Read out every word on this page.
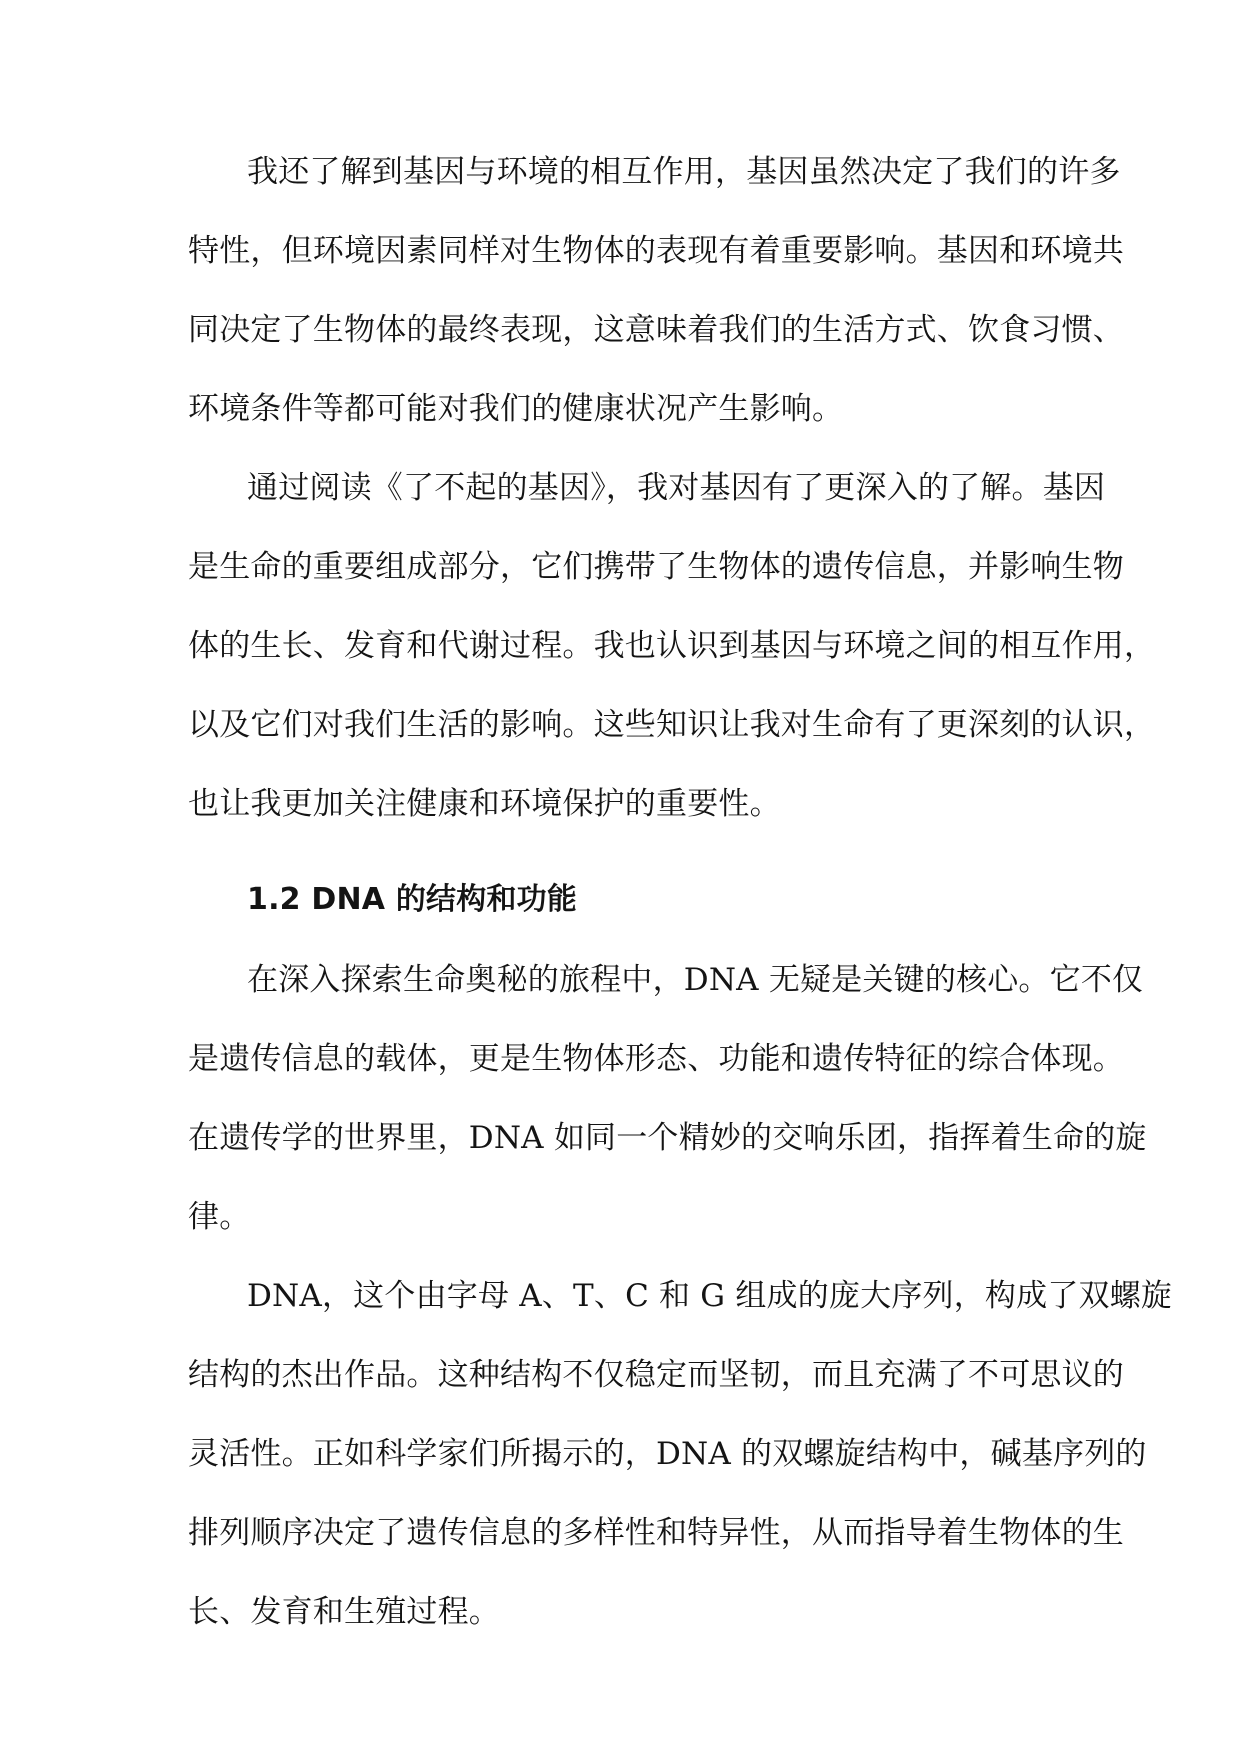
我还了解到基因与环境的相互作用，基因虽然决定了我们的许多

特性，但环境因素同样对生物体的表现有着重要影响。基因和环境共

同决定了生物体的最终表现，这意味着我们的生活方式、饮食习惯、

环境条件等都可能对我们的健康状况产生影响。

通过阅读《了不起的基因》，我对基因有了更深入的了解。基因

是生命的重要组成部分，它们携带了生物体的遗传信息，并影响生物

体的生长、发育和代谢过程。我也认识到基因与环境之间的相互作用，

以及它们对我们生活的影响。这些知识让我对生命有了更深刻的认识，

也让我更加关注健康和环境保护的重要性。

1.2 DNA 的结构和功能

在深入探索生命奥秘的旅程中，DNA 无疑是关键的核心。它不仅

是遗传信息的载体，更是生物体形态、功能和遗传特征的综合体现。

在遗传学的世界里，DNA 如同一个精妙的交响乐团，指挥着生命的旋

律。

DNA，这个由字母 A、T、C 和 G 组成的庞大序列，构成了双螺旋

结构的杰出作品。这种结构不仅稳定而坚韧，而且充满了不可思议的

灵活性。正如科学家们所揭示的，DNA 的双螺旋结构中，碱基序列的

排列顺序决定了遗传信息的多样性和特异性，从而指导着生物体的生

长、发育和生殖过程。
